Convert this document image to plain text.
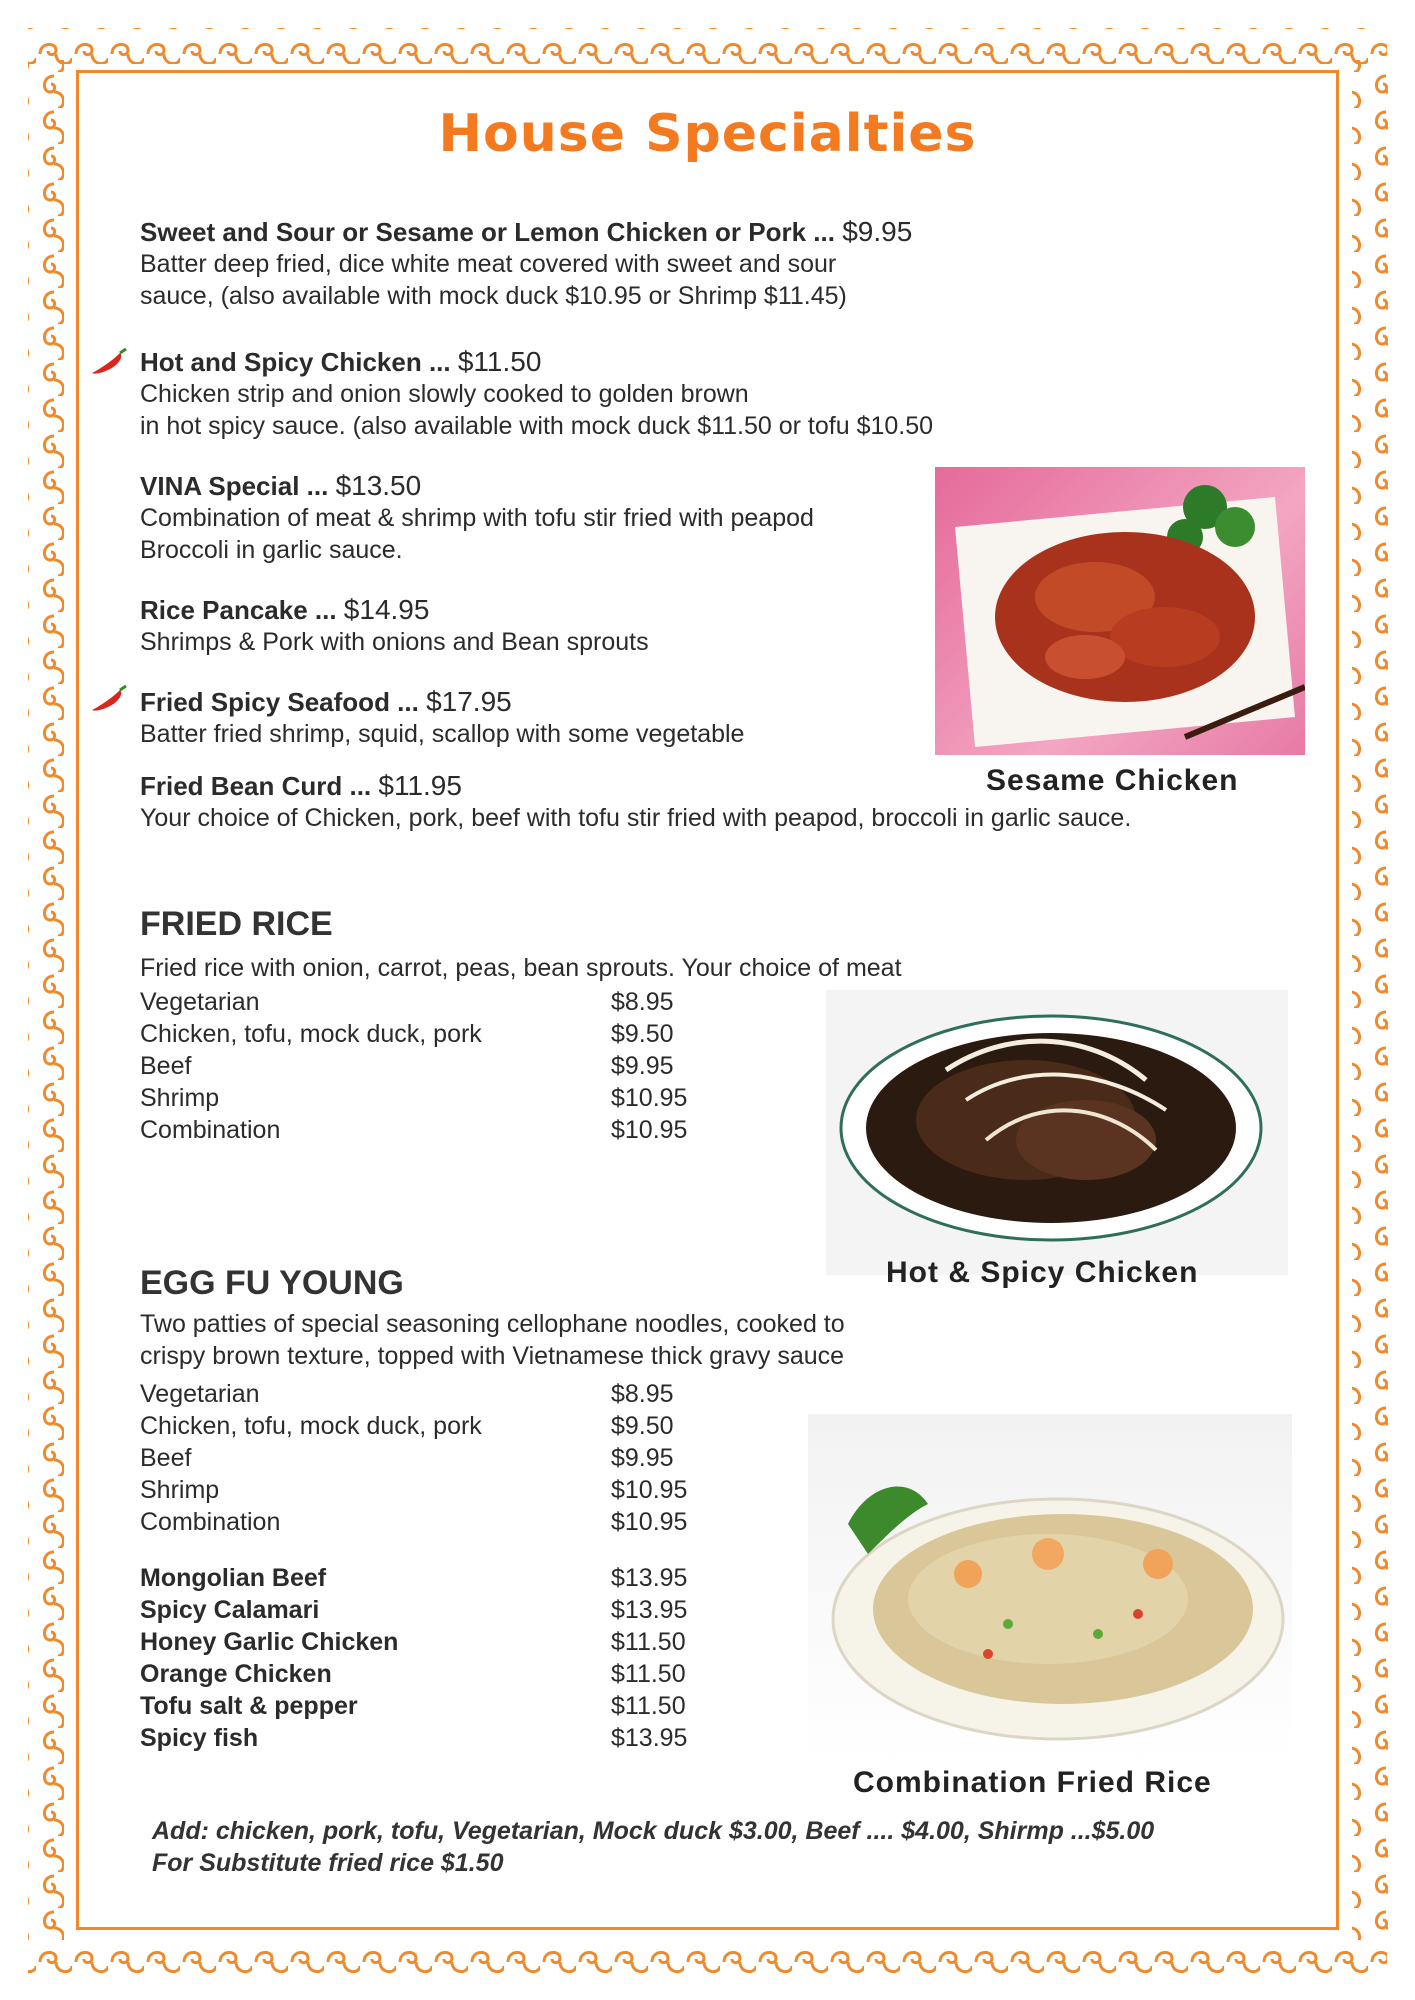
House Specialties
Sweet and Sour or Sesame or Lemon Chicken or Pork ... $9.95
Batter deep fried, dice white meat covered with sweet and sour
sauce, (also available with mock duck $10.95 or Shrimp $11.45)
Hot and Spicy Chicken ... $11.50
Chicken strip and onion slowly cooked to golden brown
in hot spicy sauce. (also available with mock duck $11.50 or tofu $10.50
VINA Special ... $13.50
Combination of meat & shrimp with tofu stir fried with peapod
Broccoli in garlic sauce.
Rice Pancake ... $14.95
Shrimps & Pork with onions and Bean sprouts
Fried Spicy Seafood ... $17.95
Batter fried shrimp, squid, scallop with some vegetable
Fried Bean Curd ... $11.95
Your choice of Chicken, pork, beef with tofu stir fried with peapod, broccoli in garlic sauce.
Sesame Chicken
FRIED RICE
Fried rice with onion, carrot, peas, bean sprouts. Your choice of meat
Vegetarian	$8.95
Chicken, tofu, mock duck, pork	$9.50
Beef	$9.95
Shrimp	$10.95
Combination	$10.95
Hot & Spicy Chicken
EGG FU YOUNG
Two patties of special seasoning cellophane noodles, cooked to
crispy brown texture, topped with Vietnamese thick gravy sauce
Vegetarian	$8.95
Chicken, tofu, mock duck, pork	$9.50
Beef	$9.95
Shrimp	$10.95
Combination	$10.95
Mongolian Beef	$13.95
Spicy Calamari	$13.95
Honey Garlic Chicken	$11.50
Orange Chicken	$11.50
Tofu salt & pepper	$11.50
Spicy fish	$13.95
Combination Fried Rice
Add: chicken, pork, tofu, Vegetarian, Mock duck $3.00, Beef .... $4.00, Shirmp ...$5.00
For Substitute fried rice $1.50
